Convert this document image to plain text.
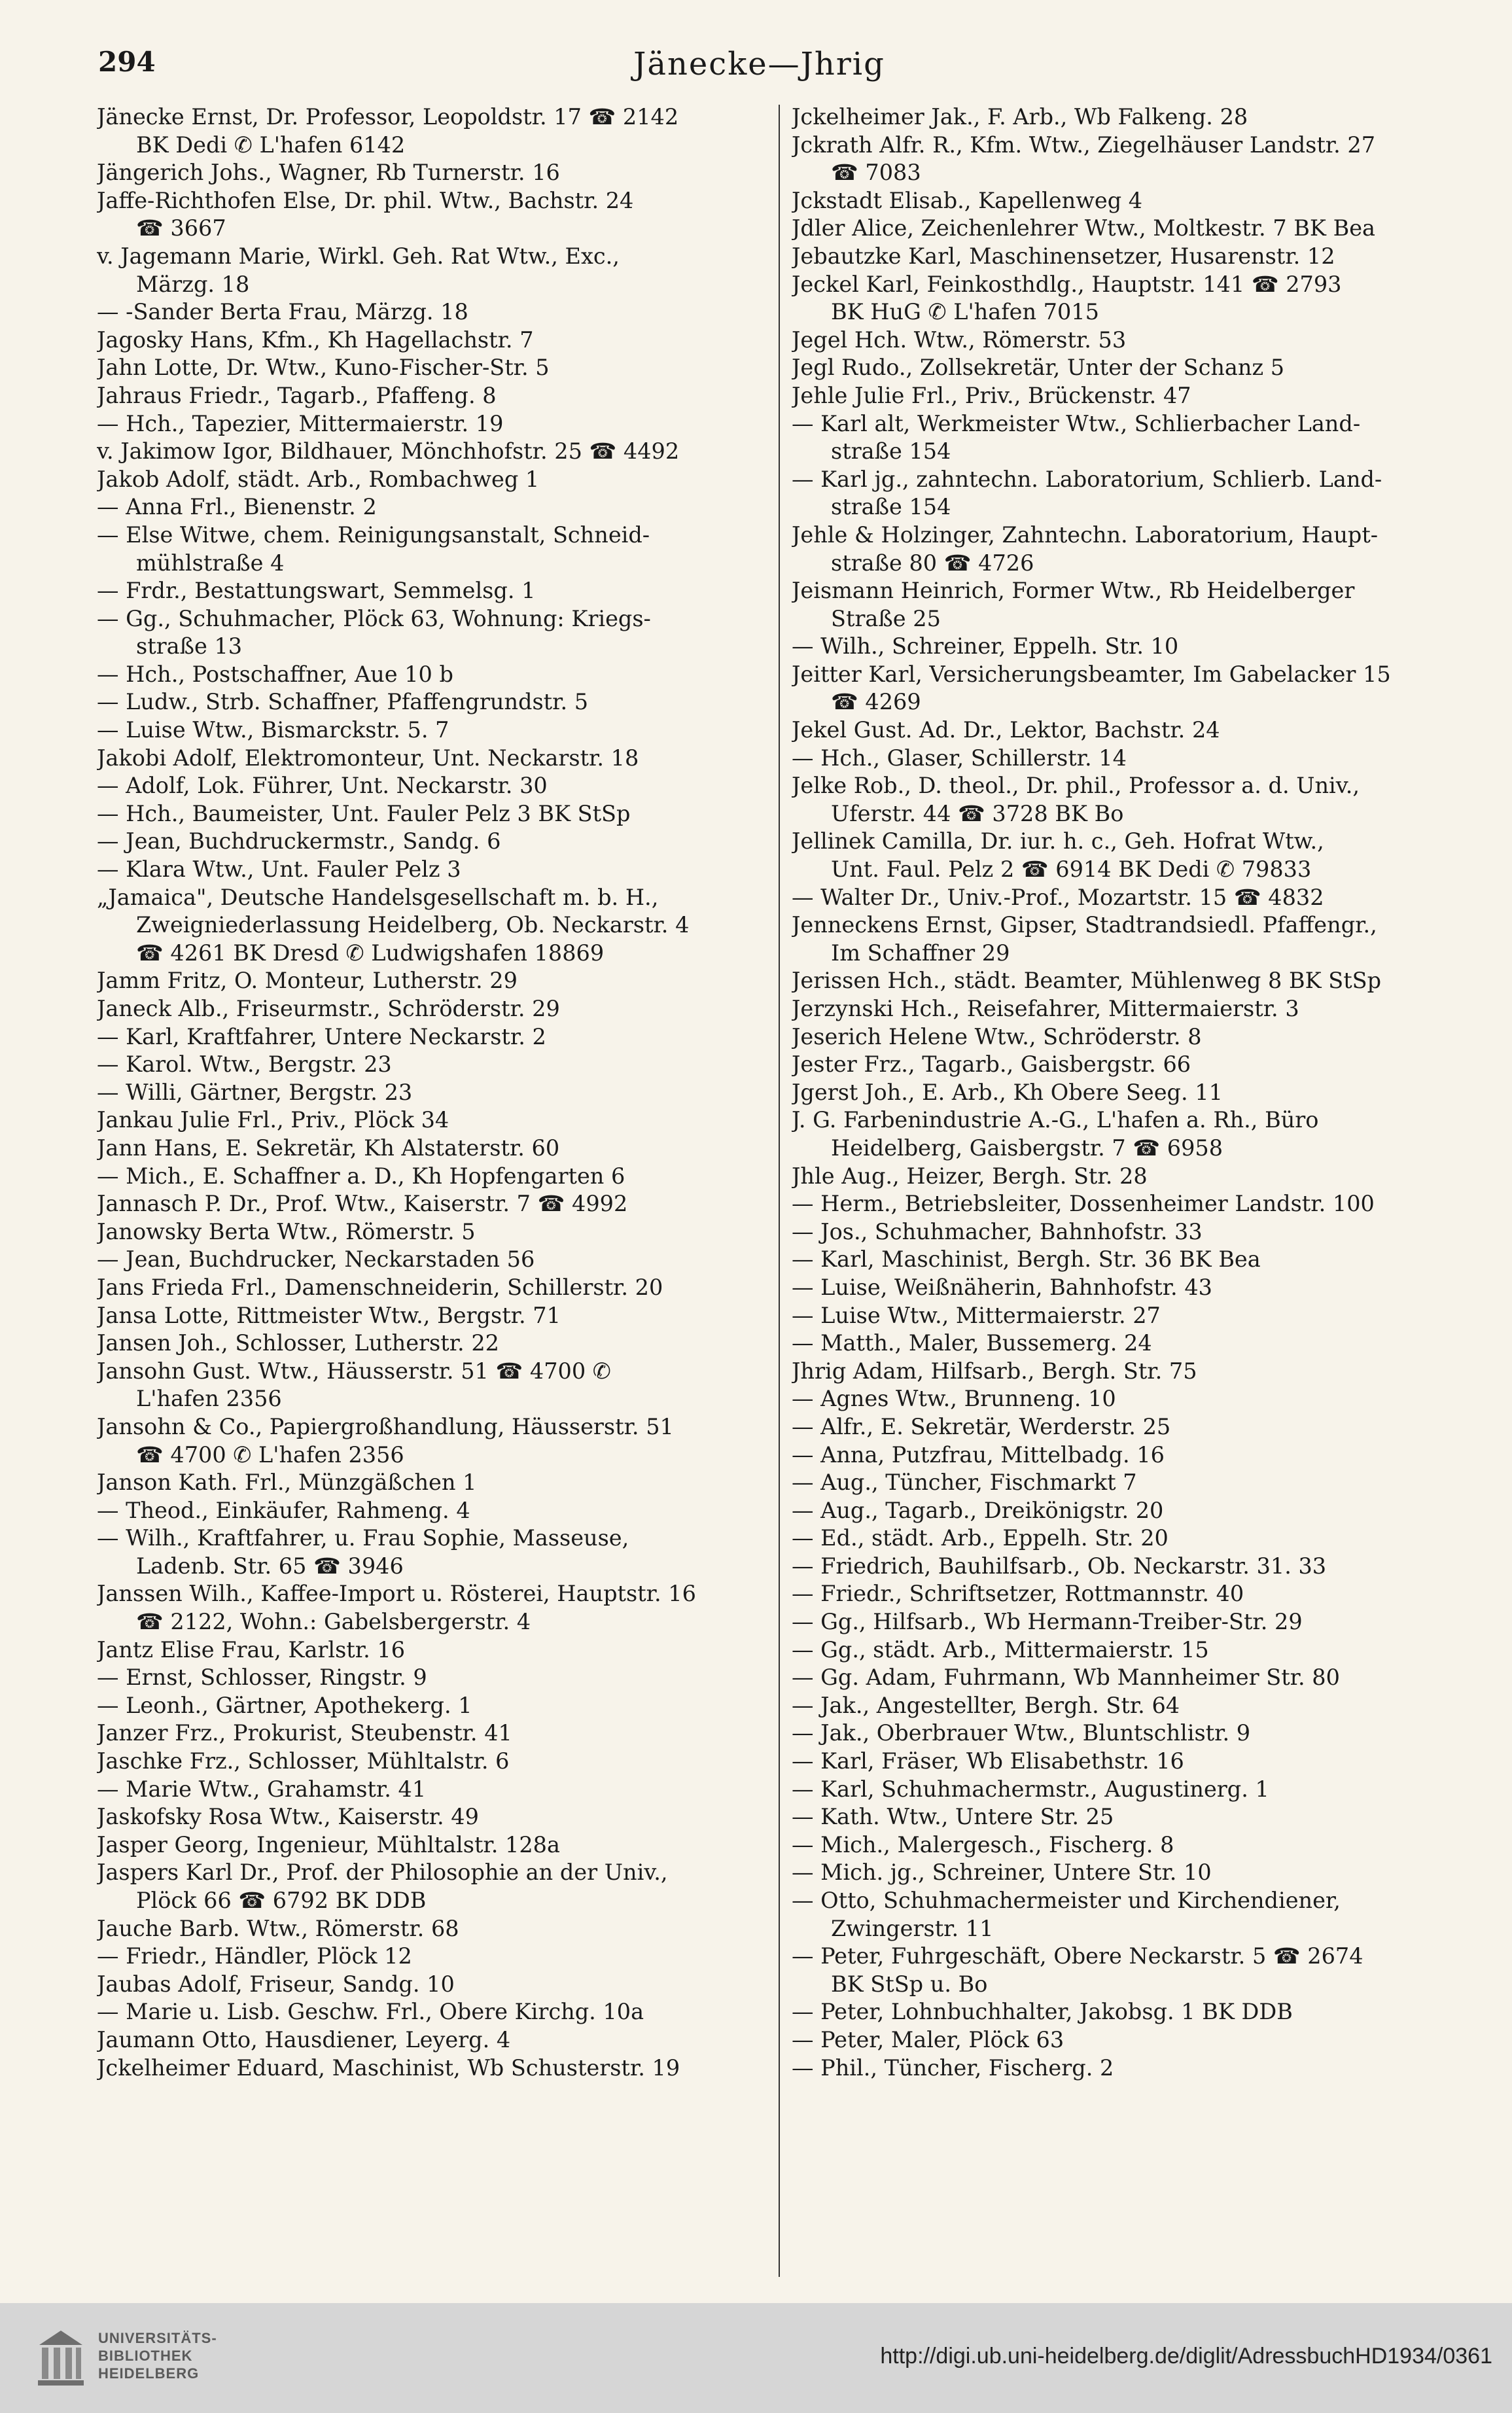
Jänecke—Jhrig
294
Jänecke Ernst, Dr. Professor, Leopoldstr. 17 ☎ 2142
BK Dedi ✆ L'hafen 6142
Jängerich Johs., Wagner, Rb Turnerstr. 16
Jaffe-Richthofen Else, Dr. phil. Wtw., Bachstr. 24
☎ 3667
v. Jagemann Marie, Wirkl. Geh. Rat Wtw., Exc.,
Märzg. 18
— -Sander Berta Frau, Märzg. 18
Jagosky Hans, Kfm., Kh Hagellachstr. 7
Jahn Lotte, Dr. Wtw., Kuno-Fischer-Str. 5
Jahraus Friedr., Tagarb., Pfaffeng. 8
— Hch., Tapezier, Mittermaierstr. 19
v. Jakimow Igor, Bildhauer, Mönchhofstr. 25 ☎ 4492
Jakob Adolf, städt. Arb., Rombachweg 1
— Anna Frl., Bienenstr. 2
— Else Witwe, chem. Reinigungsanstalt, Schneid-
mühlstraße 4
— Frdr., Bestattungswart, Semmelsg. 1
— Gg., Schuhmacher, Plöck 63, Wohnung: Kriegs-
straße 13
— Hch., Postschaffner, Aue 10 b
— Ludw., Strb. Schaffner, Pfaffengrundstr. 5
— Luise Wtw., Bismarckstr. 5. 7
Jakobi Adolf, Elektromonteur, Unt. Neckarstr. 18
— Adolf, Lok. Führer, Unt. Neckarstr. 30
— Hch., Baumeister, Unt. Fauler Pelz 3 BK StSp
— Jean, Buchdruckermstr., Sandg. 6
— Klara Wtw., Unt. Fauler Pelz 3
„Jamaica", Deutsche Handelsgesellschaft m. b. H.,
Zweigniederlassung Heidelberg, Ob. Neckarstr. 4
☎ 4261 BK Dresd ✆ Ludwigshafen 18869
Jamm Fritz, O. Monteur, Lutherstr. 29
Janeck Alb., Friseurmstr., Schröderstr. 29
— Karl, Kraftfahrer, Untere Neckarstr. 2
— Karol. Wtw., Bergstr. 23
— Willi, Gärtner, Bergstr. 23
Jankau Julie Frl., Priv., Plöck 34
Jann Hans, E. Sekretär, Kh Alstaterstr. 60
— Mich., E. Schaffner a. D., Kh Hopfengarten 6
Jannasch P. Dr., Prof. Wtw., Kaiserstr. 7 ☎ 4992
Janowsky Berta Wtw., Römerstr. 5
— Jean, Buchdrucker, Neckarstaden 56
Jans Frieda Frl., Damenschneiderin, Schillerstr. 20
Jansa Lotte, Rittmeister Wtw., Bergstr. 71
Jansen Joh., Schlosser, Lutherstr. 22
Jansohn Gust. Wtw., Häusserstr. 51 ☎ 4700 ✆
L'hafen 2356
Jansohn & Co., Papiergroßhandlung, Häusserstr. 51
☎ 4700 ✆ L'hafen 2356
Janson Kath. Frl., Münzgäßchen 1
— Theod., Einkäufer, Rahmeng. 4
— Wilh., Kraftfahrer, u. Frau Sophie, Masseuse,
Ladenb. Str. 65 ☎ 3946
Janssen Wilh., Kaffee-Import u. Rösterei, Hauptstr. 16
☎ 2122, Wohn.: Gabelsbergerstr. 4
Jantz Elise Frau, Karlstr. 16
— Ernst, Schlosser, Ringstr. 9
— Leonh., Gärtner, Apothekerg. 1
Janzer Frz., Prokurist, Steubenstr. 41
Jaschke Frz., Schlosser, Mühltalstr. 6
— Marie Wtw., Grahamstr. 41
Jaskofsky Rosa Wtw., Kaiserstr. 49
Jasper Georg, Ingenieur, Mühltalstr. 128a
Jaspers Karl Dr., Prof. der Philosophie an der Univ.,
Plöck 66 ☎ 6792 BK DDB
Jauche Barb. Wtw., Römerstr. 68
— Friedr., Händler, Plöck 12
Jaubas Adolf, Friseur, Sandg. 10
— Marie u. Lisb. Geschw. Frl., Obere Kirchg. 10a
Jaumann Otto, Hausdiener, Leyerg. 4
Jckelheimer Eduard, Maschinist, Wb Schusterstr. 19
Jckelheimer Jak., F. Arb., Wb Falkeng. 28
Jckrath Alfr. R., Kfm. Wtw., Ziegelhäuser Landstr. 27
☎ 7083
Jckstadt Elisab., Kapellenweg 4
Jdler Alice, Zeichenlehrer Wtw., Moltkestr. 7 BK Bea
Jebautzke Karl, Maschinensetzer, Husarenstr. 12
Jeckel Karl, Feinkosthdlg., Hauptstr. 141 ☎ 2793
BK HuG ✆ L'hafen 7015
Jegel Hch. Wtw., Römerstr. 53
Jegl Rudo., Zollsekretär, Unter der Schanz 5
Jehle Julie Frl., Priv., Brückenstr. 47
— Karl alt, Werkmeister Wtw., Schlierbacher Land-
straße 154
— Karl jg., zahntechn. Laboratorium, Schlierb. Land-
straße 154
Jehle & Holzinger, Zahntechn. Laboratorium, Haupt-
straße 80 ☎ 4726
Jeismann Heinrich, Former Wtw., Rb Heidelberger
Straße 25
— Wilh., Schreiner, Eppelh. Str. 10
Jeitter Karl, Versicherungsbeamter, Im Gabelacker 15
☎ 4269
Jekel Gust. Ad. Dr., Lektor, Bachstr. 24
— Hch., Glaser, Schillerstr. 14
Jelke Rob., D. theol., Dr. phil., Professor a. d. Univ.,
Uferstr. 44 ☎ 3728 BK Bo
Jellinek Camilla, Dr. iur. h. c., Geh. Hofrat Wtw.,
Unt. Faul. Pelz 2 ☎ 6914 BK Dedi ✆ 79833
— Walter Dr., Univ.-Prof., Mozartstr. 15 ☎ 4832
Jenneckens Ernst, Gipser, Stadtrandsiedl. Pfaffengr.,
Im Schaffner 29
Jerissen Hch., städt. Beamter, Mühlenweg 8 BK StSp
Jerzynski Hch., Reisefahrer, Mittermaierstr. 3
Jeserich Helene Wtw., Schröderstr. 8
Jester Frz., Tagarb., Gaisbergstr. 66
Jgerst Joh., E. Arb., Kh Obere Seeg. 11
J. G. Farbenindustrie A.-G., L'hafen a. Rh., Büro
Heidelberg, Gaisbergstr. 7 ☎ 6958
Jhle Aug., Heizer, Bergh. Str. 28
— Herm., Betriebsleiter, Dossenheimer Landstr. 100
— Jos., Schuhmacher, Bahnhofstr. 33
— Karl, Maschinist, Bergh. Str. 36 BK Bea
— Luise, Weißnäherin, Bahnhofstr. 43
— Luise Wtw., Mittermaierstr. 27
— Matth., Maler, Bussemerg. 24
Jhrig Adam, Hilfsarb., Bergh. Str. 75
— Agnes Wtw., Brunneng. 10
— Alfr., E. Sekretär, Werderstr. 25
— Anna, Putzfrau, Mittelbadg. 16
— Aug., Tüncher, Fischmarkt 7
— Aug., Tagarb., Dreikönigstr. 20
— Ed., städt. Arb., Eppelh. Str. 20
— Friedrich, Bauhilfsarb., Ob. Neckarstr. 31. 33
— Friedr., Schriftsetzer, Rottmannstr. 40
— Gg., Hilfsarb., Wb Hermann-Treiber-Str. 29
— Gg., städt. Arb., Mittermaierstr. 15
— Gg. Adam, Fuhrmann, Wb Mannheimer Str. 80
— Jak., Angestellter, Bergh. Str. 64
— Jak., Oberbrauer Wtw., Bluntschlistr. 9
— Karl, Fräser, Wb Elisabethstr. 16
— Karl, Schuhmachermstr., Augustinerg. 1
— Kath. Wtw., Untere Str. 25
— Mich., Malergesch., Fischerg. 8
— Mich. jg., Schreiner, Untere Str. 10
— Otto, Schuhmachermeister und Kirchendiener,
Zwingerstr. 11
— Peter, Fuhrgeschäft, Obere Neckarstr. 5 ☎ 2674
BK StSp u. Bo
— Peter, Lohnbuchhalter, Jakobsg. 1 BK DDB
— Peter, Maler, Plöck 63
— Phil., Tüncher, Fischerg. 2
UNIVERSITÄTS-
BIBLIOTHEK
HEIDELBERG
http://digi.ub.uni-heidelberg.de/diglit/AdressbuchHD1934/0361
